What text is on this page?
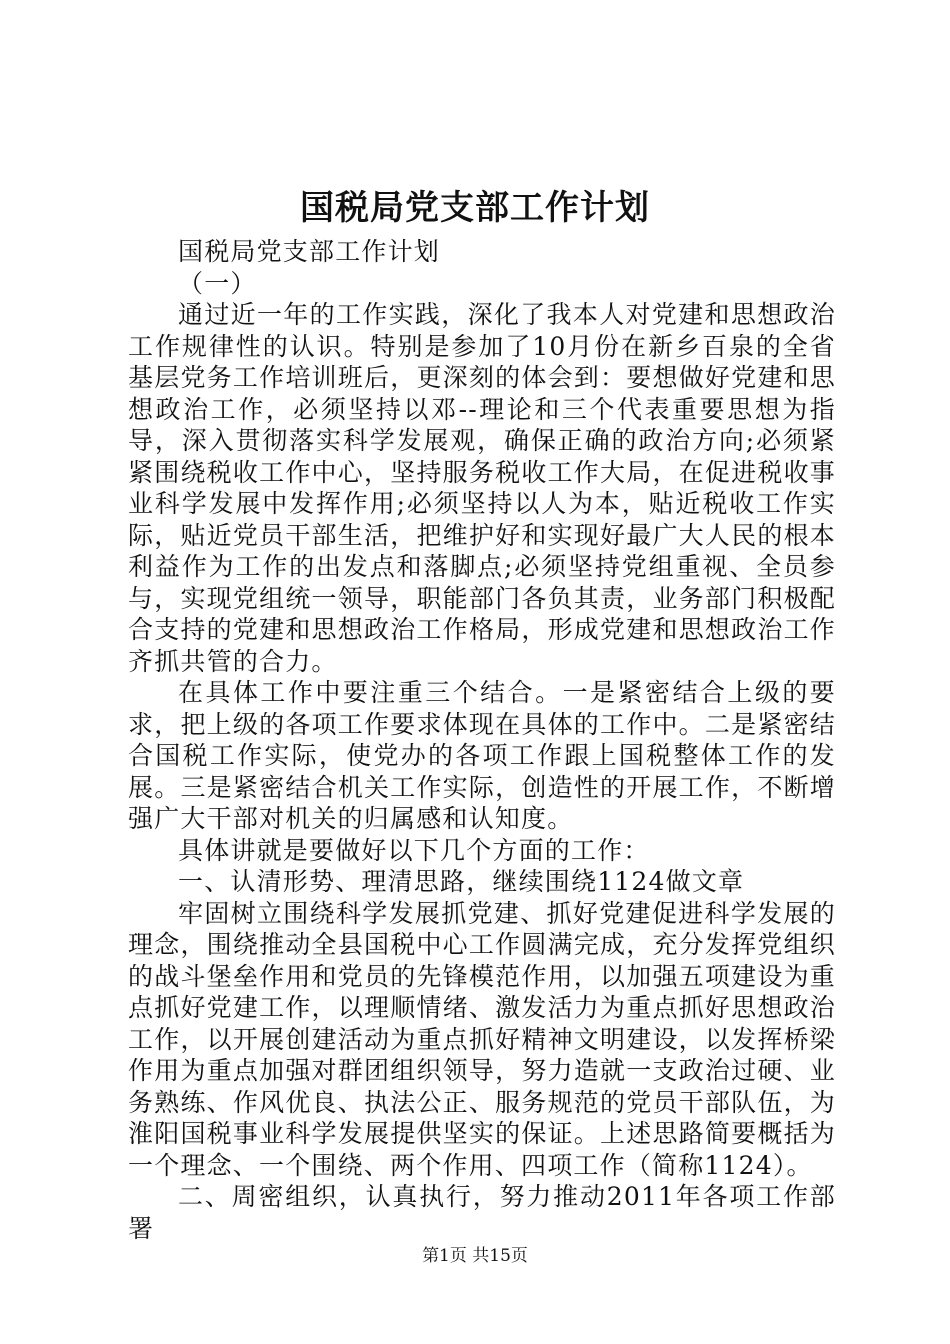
国税局党支部工作计划

国税局党支部工作计划

（一）

通过近一年的工作实践，深化了我本人对党建和思想政治工作规律性的认识。特别是参加了10月份在新乡百泉的全省基层党务工作培训班后，更深刻的体会到：要想做好党建和思想政治工作，必须坚持以邓--理论和三个代表重要思想为指导，深入贯彻落实科学发展观，确保正确的政治方向;必须紧紧围绕税收工作中心，坚持服务税收工作大局，在促进税收事业科学发展中发挥作用;必须坚持以人为本，贴近税收工作实际，贴近党员干部生活，把维护好和实现好最广大人民的根本利益作为工作的出发点和落脚点;必须坚持党组重视、全员参与，实现党组统一领导，职能部门各负其责，业务部门积极配合支持的党建和思想政治工作格局，形成党建和思想政治工作齐抓共管的合力。

在具体工作中要注重三个结合。一是紧密结合上级的要求，把上级的各项工作要求体现在具体的工作中。二是紧密结合国税工作实际，使党办的各项工作跟上国税整体工作的发展。三是紧密结合机关工作实际，创造性的开展工作，不断增强广大干部对机关的归属感和认知度。

具体讲就是要做好以下几个方面的工作：

一、认清形势、理清思路，继续围绕1124做文章

牢固树立围绕科学发展抓党建、抓好党建促进科学发展的理念，围绕推动全县国税中心工作圆满完成，充分发挥党组织的战斗堡垒作用和党员的先锋模范作用，以加强五项建设为重点抓好党建工作，以理顺情绪、激发活力为重点抓好思想政治工作，以开展创建活动为重点抓好精神文明建设，以发挥桥梁作用为重点加强对群团组织领导，努力造就一支政治过硬、业务熟练、作风优良、执法公正、服务规范的党员干部队伍，为淮阳国税事业科学发展提供坚实的保证。上述思路简要概括为一个理念、一个围绕、两个作用、四项工作（简称1124）。

二、周密组织，认真执行，努力推动2011年各项工作部署

第1页 共15页
